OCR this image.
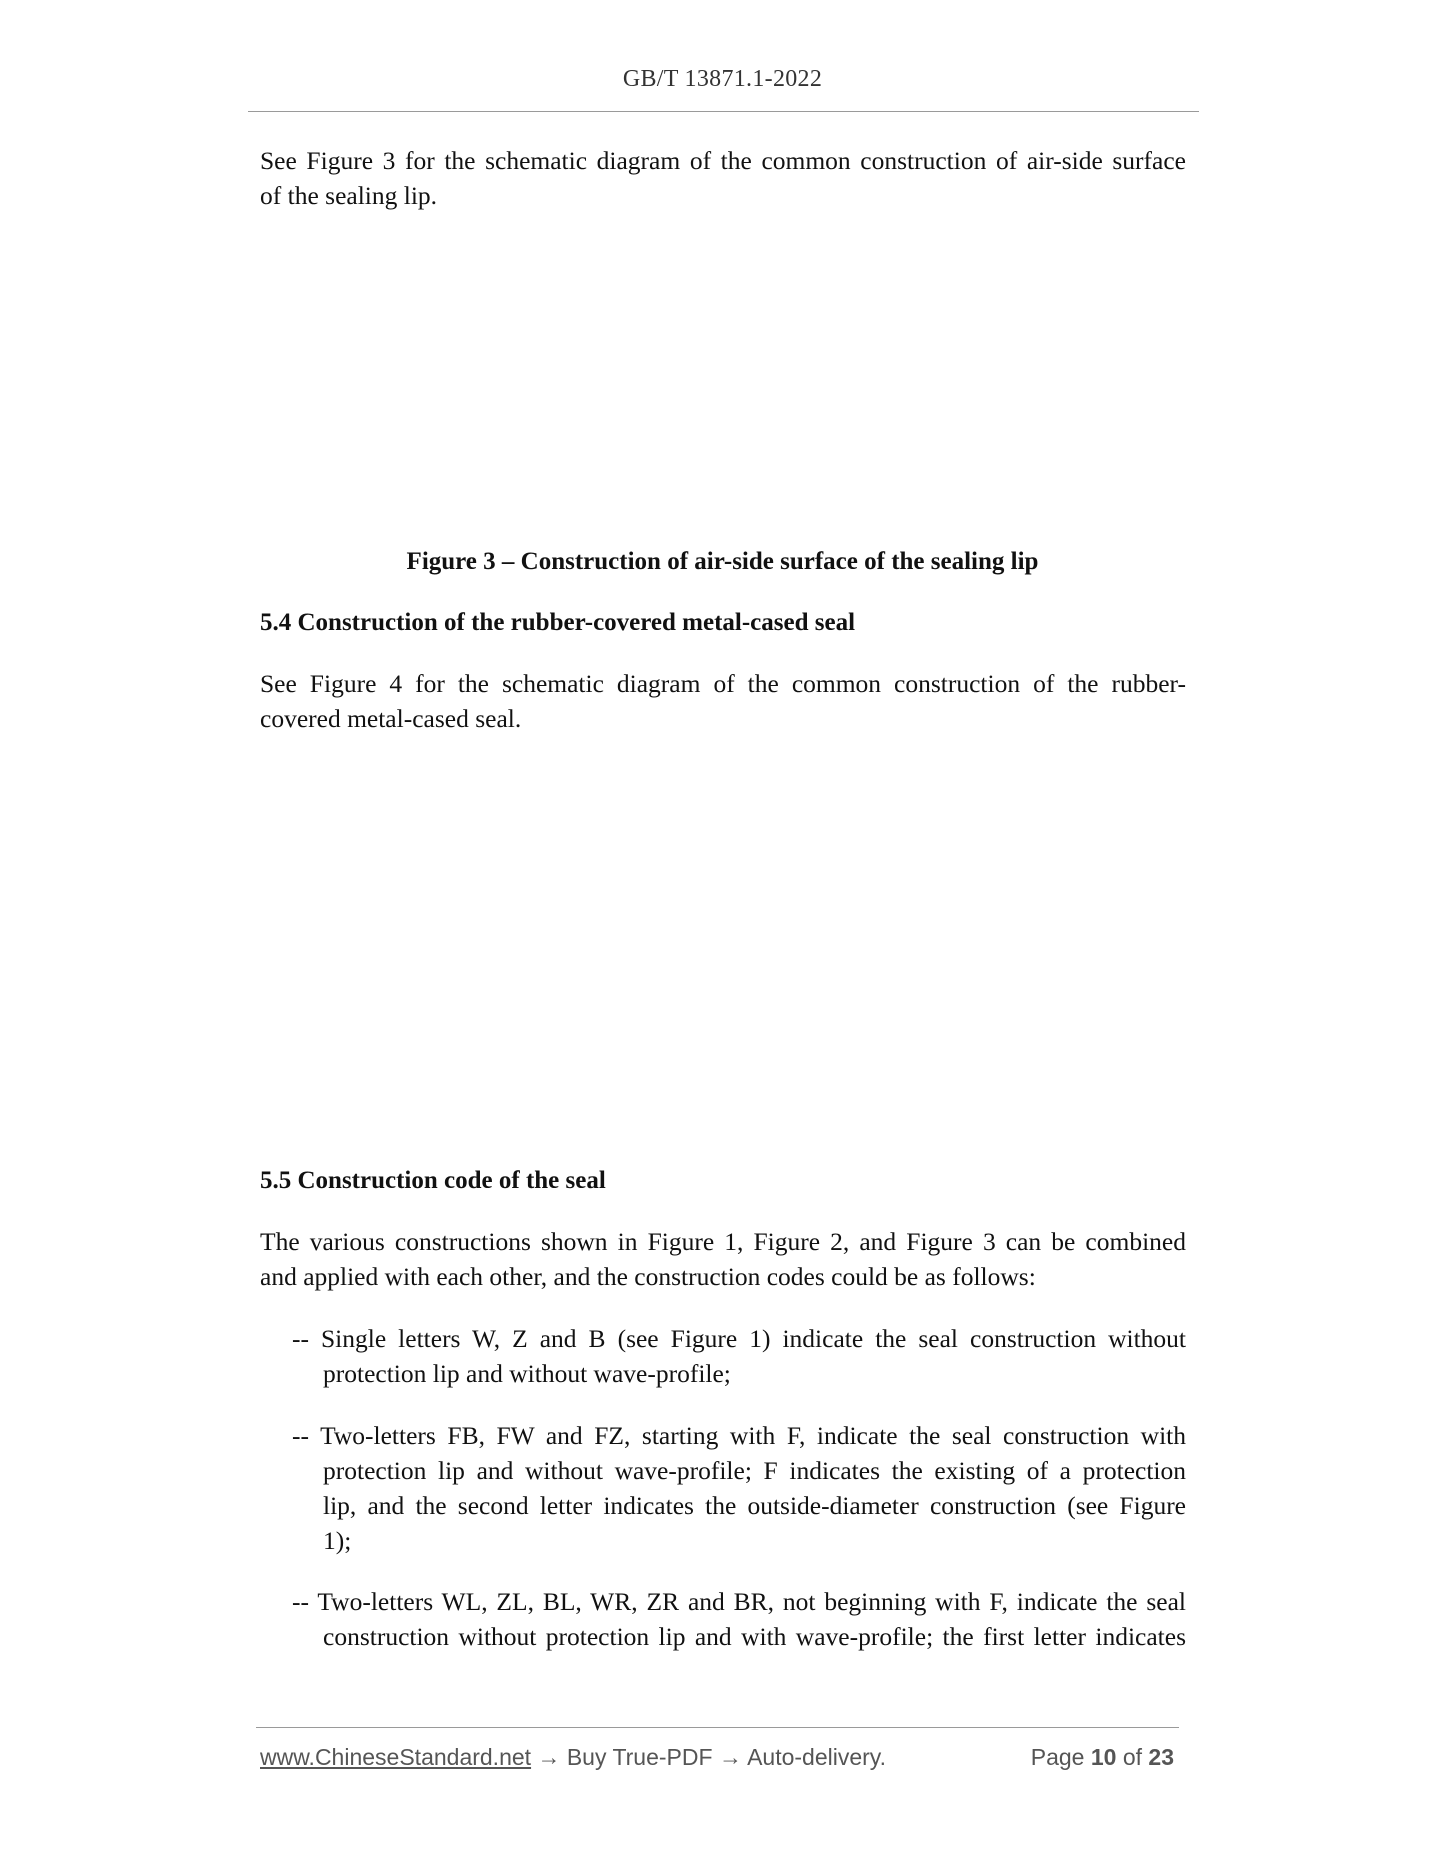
GB/T 13871.1-2022
See Figure 3 for the schematic diagram of the common construction of air-side surface
of the sealing lip.
Figure 3 – Construction of air-side surface of the sealing lip
5.4 Construction of the rubber-covered metal-cased seal
See Figure 4 for the schematic diagram of the common construction of the rubber-
covered metal-cased seal.
5.5 Construction code of the seal
The various constructions shown in Figure 1, Figure 2, and Figure 3 can be combined
and applied with each other, and the construction codes could be as follows:
-- Single letters W, Z and B (see Figure 1) indicate the seal construction without
protection lip and without wave-profile;
-- Two-letters FB, FW and FZ, starting with F, indicate the seal construction with
protection lip and without wave-profile; F indicates the existing of a protection
lip, and the second letter indicates the outside-diameter construction (see Figure
1);
-- Two-letters WL, ZL, BL, WR, ZR and BR, not beginning with F, indicate the seal
construction without protection lip and with wave-profile; the first letter indicates
www.ChineseStandard.net → Buy True-PDF → Auto-delivery.	Page 10 of 23
